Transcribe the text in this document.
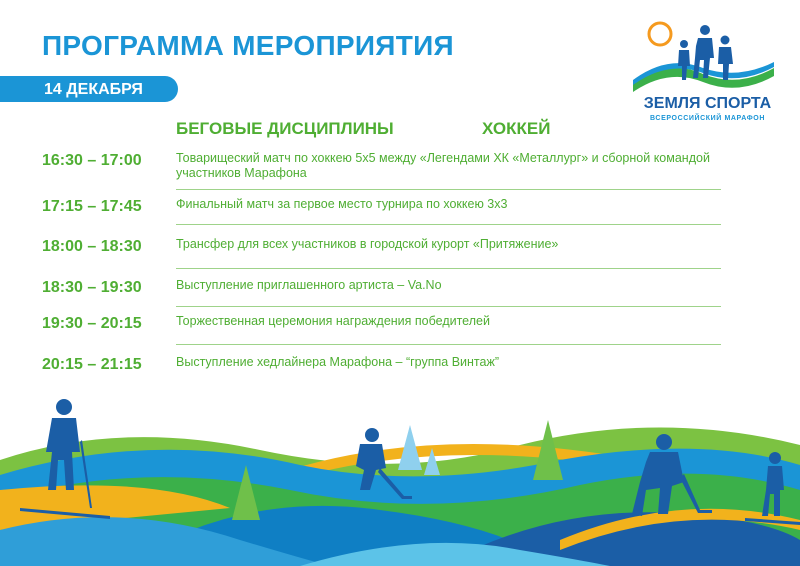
ПРОГРАММА МЕРОПРИЯТИЯ
14 ДЕКАБРЯ
БЕГОВЫЕ ДИСЦИПЛИНЫ	ХОККЕЙ
ЗЕМЛЯ СПОРТА
ВСЕРОССИЙСКИЙ МАРАФОН
16:30 – 17:00	Товарищеский матч по хоккею 5х5 между «Легендами ХК «Металлург» и сборной командой участников Марафона
17:15 – 17:45	Финальный матч за первое место турнира по хоккею 3х3
18:00 – 18:30	Трансфер для всех участников в городской курорт «Притяжение»
18:30 – 19:30	Выступление приглашенного артиста – Va.No
19:30 – 20:15	Торжественная церемония награждения победителей
20:15 – 21:15	Выступление хедлайнера Марафона – “группа Винтаж”
